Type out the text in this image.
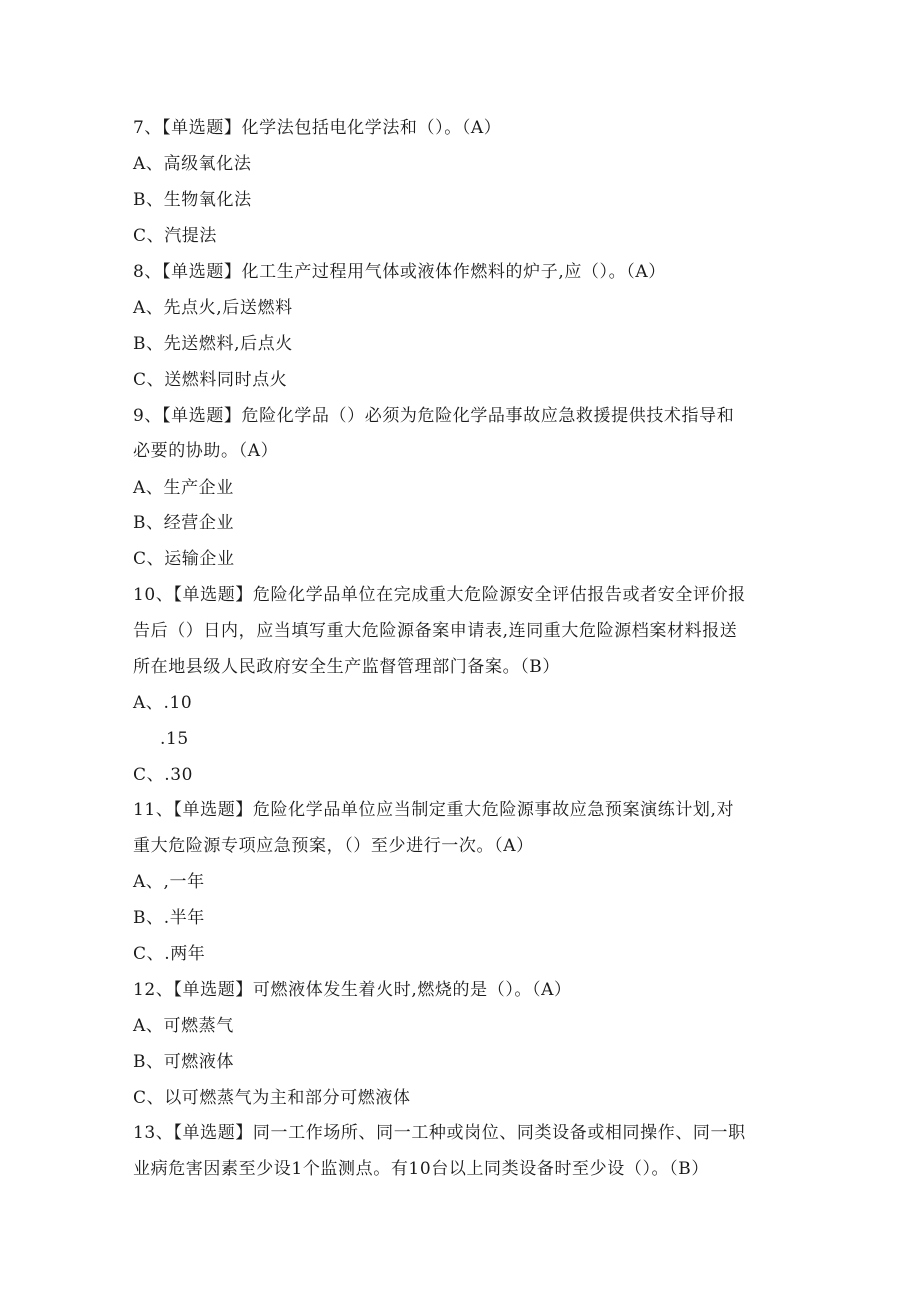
7、【单选题】化学法包括电化学法和（）。（A）
A、高级氧化法
B、生物氧化法
C、汽提法
8、【单选题】化工生产过程用气体或液体作燃料的炉子,应（）。（A）
A、先点火,后送燃料
B、先送燃料,后点火
C、送燃料同时点火
9、【单选题】危险化学品（）必须为危险化学品事故应急救援提供技术指导和
必要的协助。（A）
A、生产企业
B、经营企业
C、运输企业
10、【单选题】危险化学品单位在完成重大危险源安全评估报告或者安全评价报
告后（）日内，应当填写重大危险源备案申请表,连同重大危险源档案材料报送
所在地县级人民政府安全生产监督管理部门备案。（B）
A、.10
.15
C、.30
11、【单选题】危险化学品单位应当制定重大危险源事故应急预案演练计划,对
重大危险源专项应急预案，（）至少进行一次。（A）
A、,一年
B、.半年
C、.两年
12、【单选题】可燃液体发生着火时,燃烧的是（）。（A）
A、可燃蒸气
B、可燃液体
C、以可燃蒸气为主和部分可燃液体
13、【单选题】同一工作场所、同一工种或岗位、同类设备或相同操作、同一职
业病危害因素至少设1个监测点。有10台以上同类设备时至少设（）。（B）
